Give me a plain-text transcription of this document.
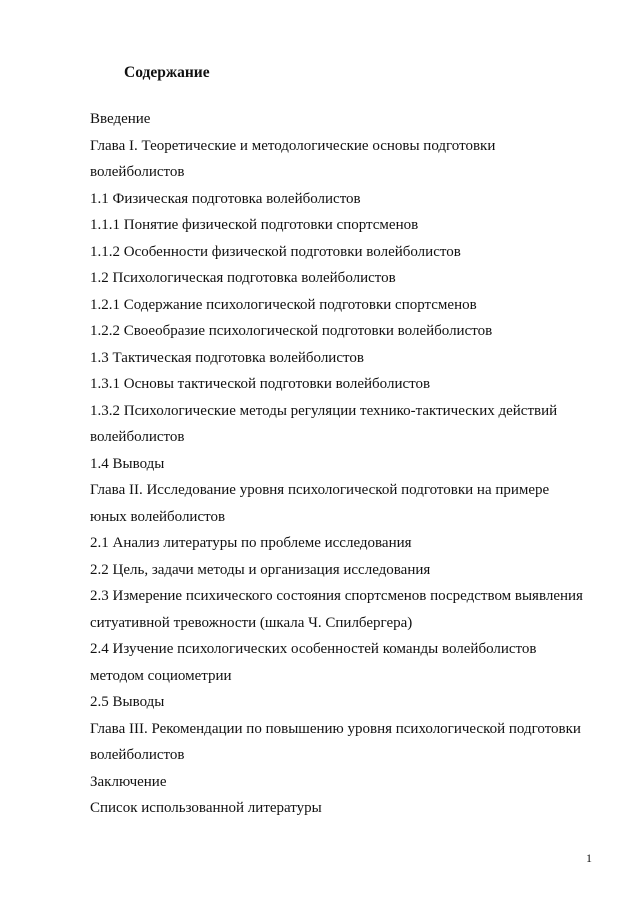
Содержание
Введение
Глава I. Теоретические и методологические основы подготовки
волейболистов
1.1 Физическая подготовка волейболистов
1.1.1 Понятие физической подготовки спортсменов
1.1.2 Особенности физической подготовки волейболистов
1.2 Психологическая подготовка волейболистов
1.2.1 Содержание психологической подготовки спортсменов
1.2.2 Своеобразие психологической подготовки волейболистов
1.3 Тактическая подготовка волейболистов
1.3.1 Основы тактической подготовки волейболистов
1.3.2 Психологические методы регуляции технико-тактических действий
волейболистов
1.4 Выводы
Глава II. Исследование уровня психологической подготовки на примере
юных волейболистов
2.1 Анализ литературы по проблеме исследования
2.2 Цель, задачи методы и организация исследования
2.3 Измерение психического состояния спортсменов посредством выявления
ситуативной тревожности (шкала Ч. Спилбергера)
2.4 Изучение психологических особенностей команды волейболистов
методом социометрии
2.5 Выводы
Глава III. Рекомендации по повышению уровня психологической подготовки
волейболистов
Заключение
Список использованной литературы
1
